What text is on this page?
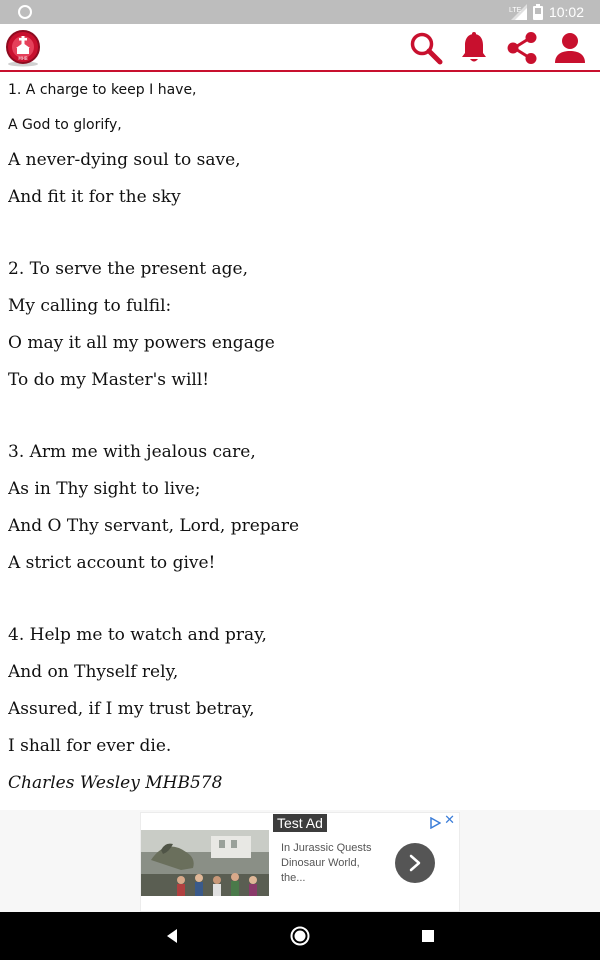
LTE 10:02
MHB
1. A charge to keep I have,
A God to glorify,
A never-dying soul to save,
And fit it for the sky
2. To serve the present age,
My calling to fulfil:
O may it all my powers engage
To do my Master's will!
3. Arm me with jealous care,
As in Thy sight to live;
And O Thy servant, Lord, prepare
A strict account to give!
4. Help me to watch and pray,
And on Thyself rely,
Assured, if I my trust betray,
I shall for ever die.
Charles Wesley MHB578
Test Ad	✕
In Jurassic Quests Dinosaur World, the...
